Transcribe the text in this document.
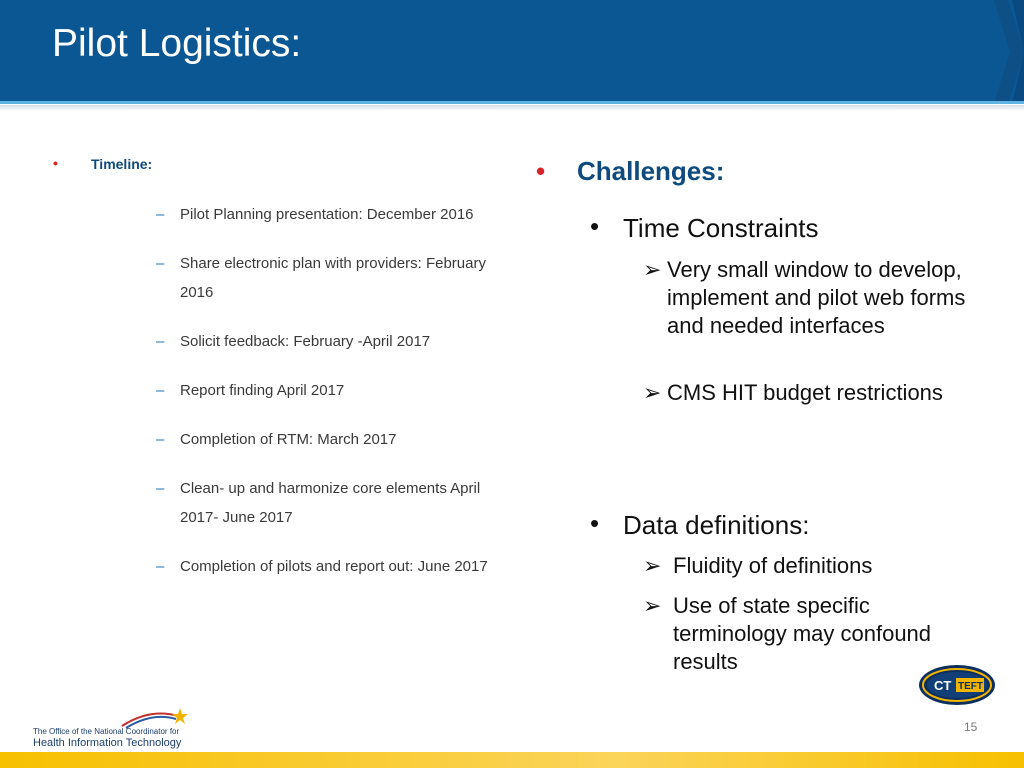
Pilot Logistics:
• Timeline:
– Pilot Planning presentation: December 2016
– Share electronic plan with providers: February 2016
– Solicit feedback: February -April 2017
– Report finding April 2017
– Completion of RTM: March 2017
– Clean- up and harmonize core elements April 2017- June 2017
– Completion of pilots and report out: June 2017
• Challenges:
• Time Constraints
➢ Very small window to develop, implement and pilot web forms and needed interfaces
➢ CMS HIT budget restrictions
• Data definitions:
➢ Fluidity of definitions
➢ Use of state specific terminology may confound results
CT TEFT
The Office of the National Coordinator for
Health Information Technology
15
